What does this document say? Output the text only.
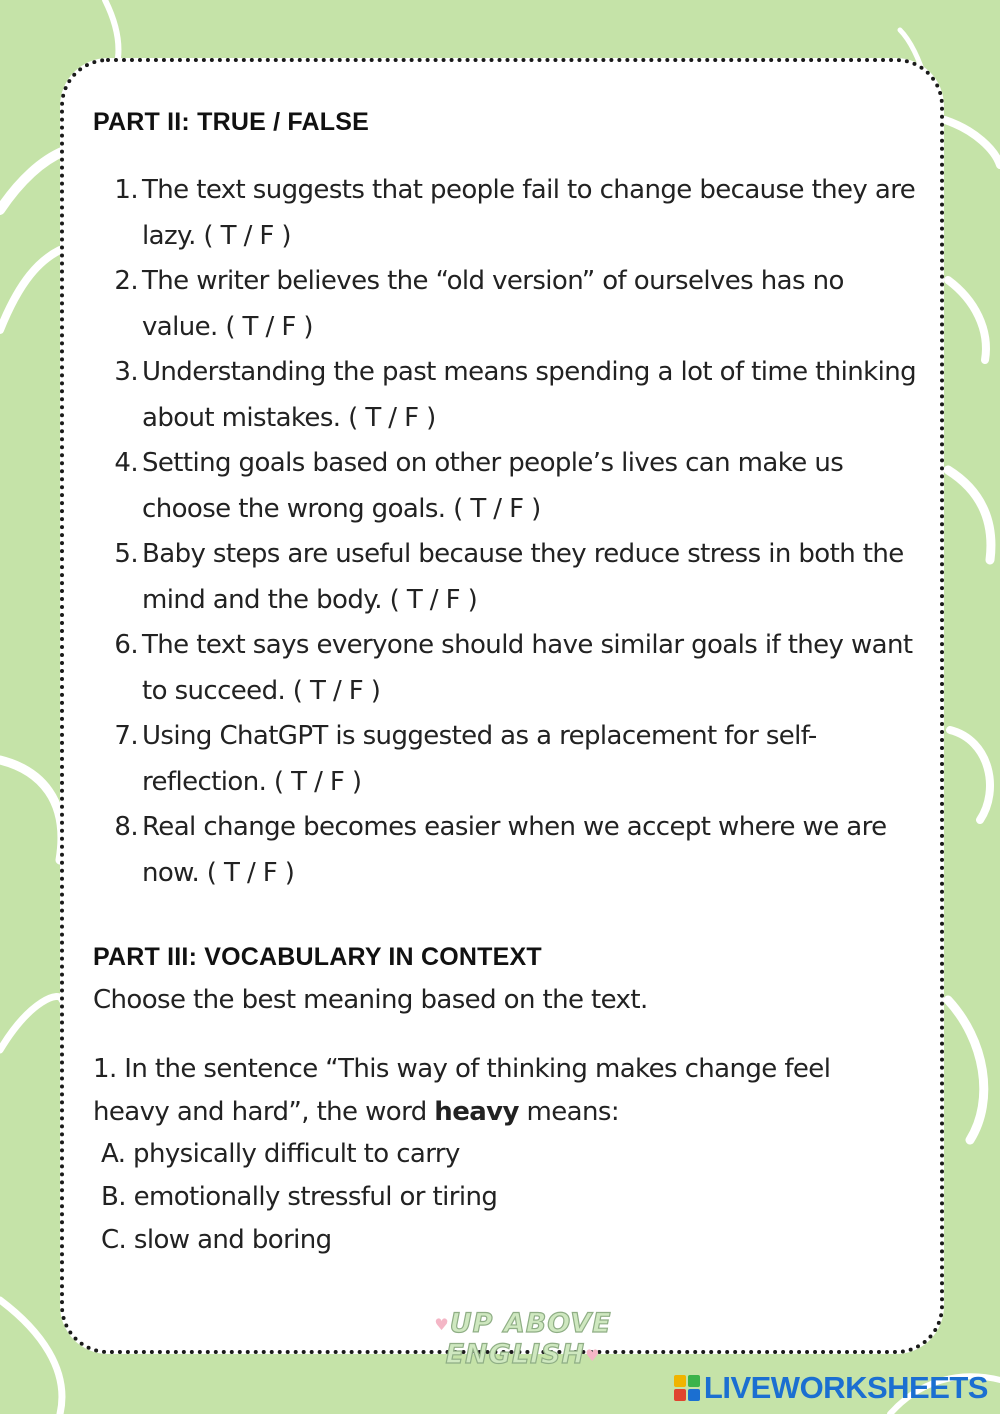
PART II: TRUE / FALSE
1. The text suggests that people fail to change because they are lazy. ( T / F )
2. The writer believes the “old version” of ourselves has no value. ( T / F )
3. Understanding the past means spending a lot of time thinking about mistakes. ( T / F )
4. Setting goals based on other people’s lives can make us choose the wrong goals. ( T / F )
5. Baby steps are useful because they reduce stress in both the mind and the body. ( T / F )
6. The text says everyone should have similar goals if they want to succeed. ( T / F )
7. Using ChatGPT is suggested as a replacement for self-reflection. ( T / F )
8. Real change becomes easier when we accept where we are now. ( T / F )
PART III: VOCABULARY IN CONTEXT
Choose the best meaning based on the text.
1. In the sentence “This way of thinking makes change feel heavy and hard”, the word heavy means:
A. physically difficult to carry
B. emotionally stressful or tiring
C. slow and boring
♥UP ABOVE ENGLISH♥
LIVEWORKSHEETS
